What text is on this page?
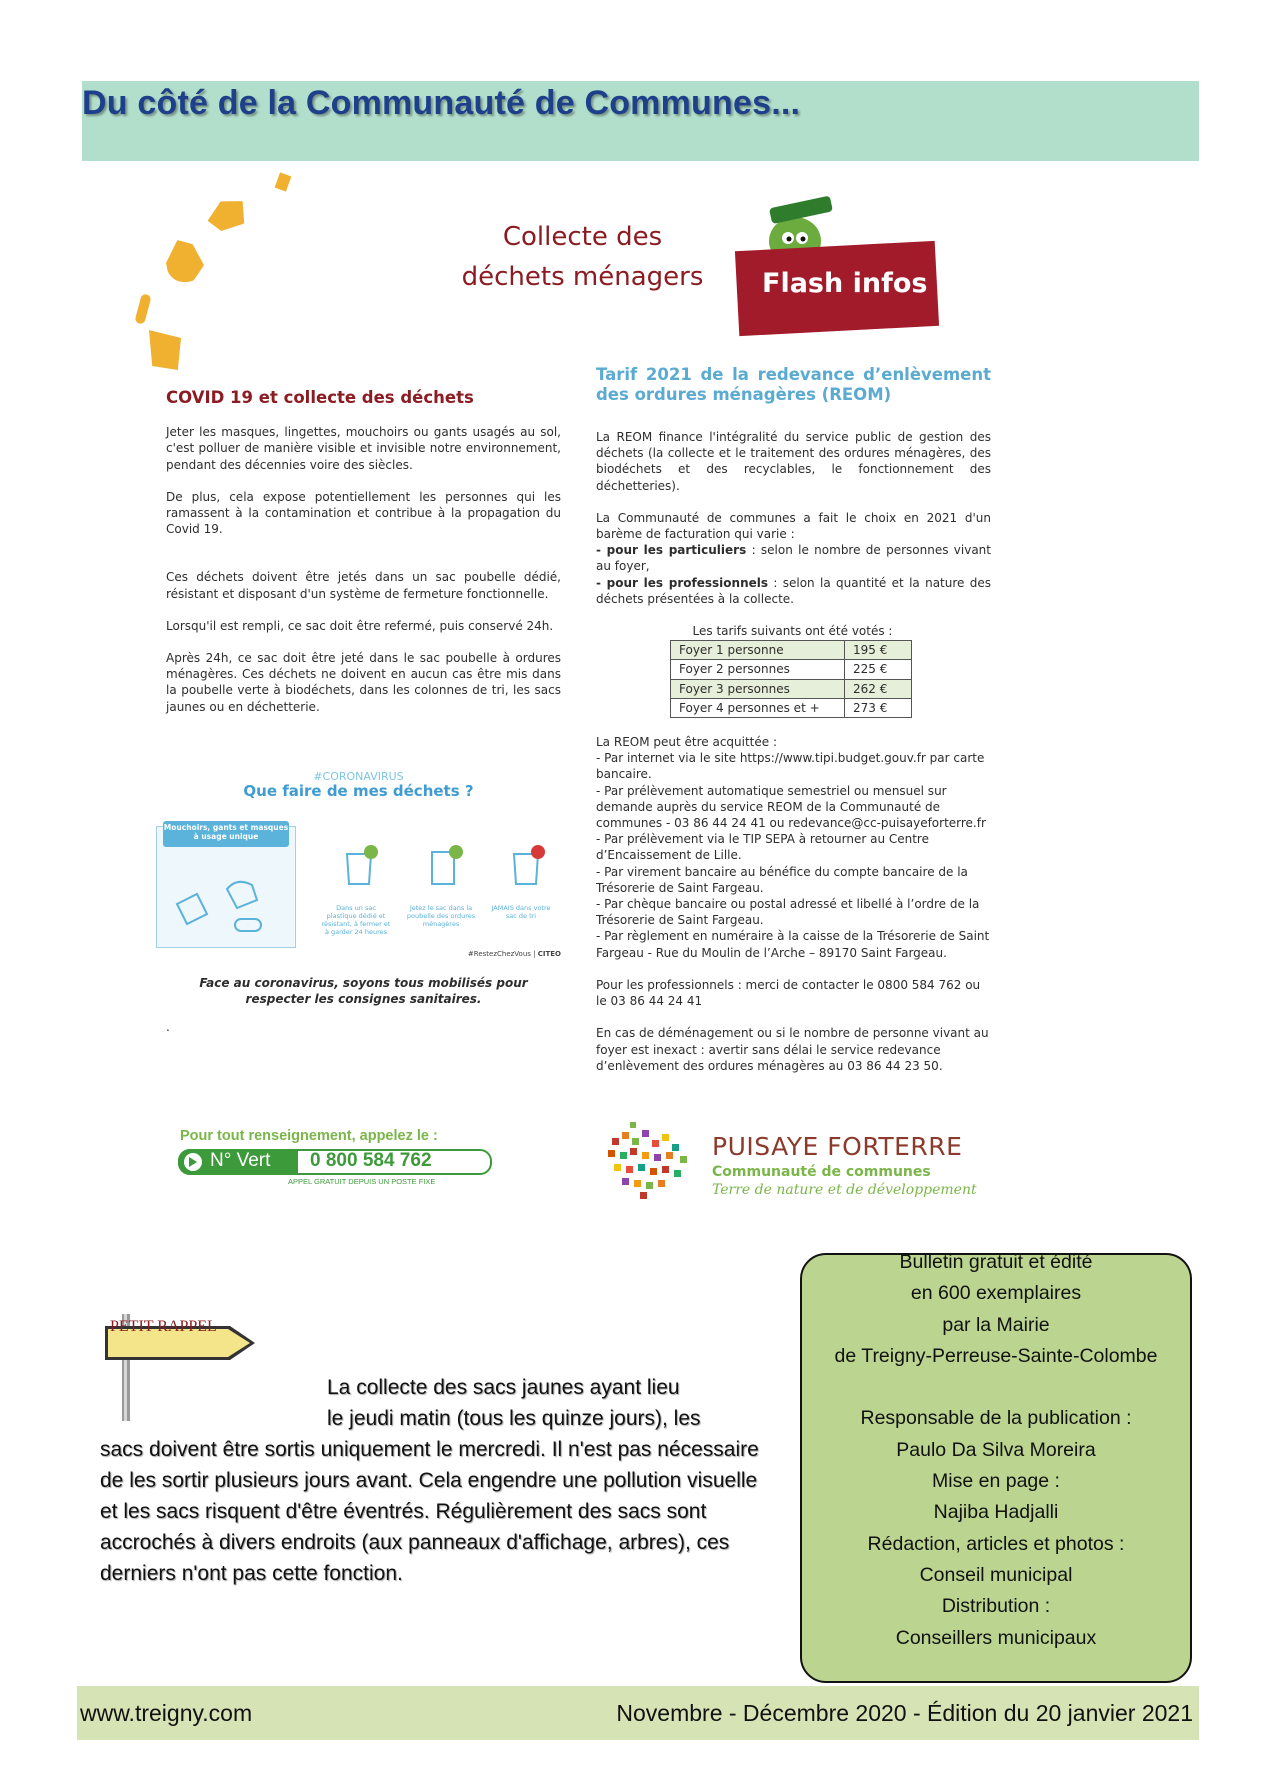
Du côté de la Communauté de Communes...
Collecte des
déchets ménagers	Flash infos
COVID 19 et collecte des déchets

Jeter les masques, lingettes, mouchoirs ou gants usagés au sol, c'est polluer de manière visible et invisible notre environnement, pendant des décennies voire des siècles.

De plus, cela expose potentiellement les personnes qui les ramassent à la contamination et contribue à la propagation du Covid 19.

Ces déchets doivent être jetés dans un sac poubelle dédié, résistant et disposant d'un système de fermeture fonctionnelle.

Lorsqu'il est rempli, ce sac doit être refermé, puis conservé 24h.

Après 24h, ce sac doit être jeté dans le sac poubelle à ordures ménagères. Ces déchets ne doivent en aucun cas être mis dans la poubelle verte à biodéchets, dans les colonnes de tri, les sacs jaunes ou en déchetterie.

#CORONAVIRUS
Que faire de mes déchets ?
Mouchoirs, gants et masques à usage unique
Dans un sac plastique dédié et résistant, à fermer et à garder 24 heures
Jetez le sac dans la poubelle des ordures ménagères
JAMAIS dans votre sac de tri
#RestezChezVous | CITEO
Face au coronavirus, soyons tous mobilisés pour respecter les consignes sanitaires.
.
Tarif 2021 de la redevance d’enlèvement des ordures ménagères (REOM)

La REOM finance l'intégralité du service public de gestion des déchets (la collecte et le traitement des ordures ménagères, des biodéchets et des recyclables, le fonctionnement des déchetteries).

La Communauté de communes a fait le choix en 2021 d'un barème de facturation qui varie :
- pour les particuliers : selon le nombre de personnes vivant au foyer,
- pour les professionnels : selon la quantité et la nature des déchets présentées à la collecte.

Les tarifs suivants ont été votés :
Foyer 1 personne	195 €
Foyer 2 personnes	225 €
Foyer 3 personnes	262 €
Foyer 4 personnes et +	273 €

La REOM peut être acquittée :
- Par internet via le site https://www.tipi.budget.gouv.fr par carte bancaire.
- Par prélèvement automatique semestriel ou mensuel sur demande auprès du service REOM de la Communauté de communes - 03 86 44 24 41 ou redevance@cc-puisayeforterre.fr
- Par prélèvement via le TIP SEPA à retourner au Centre d’Encaissement de Lille.
- Par virement bancaire au bénéfice du compte bancaire de la Trésorerie de Saint Fargeau.
- Par chèque bancaire ou postal adressé et libellé à l’ordre de la Trésorerie de Saint Fargeau.
- Par règlement en numéraire à la caisse de la Trésorerie de Saint Fargeau - Rue du Moulin de l’Arche – 89170 Saint Fargeau.

Pour les professionnels : merci de contacter le 0800 584 762 ou le 03 86 44 24 41

En cas de déménagement ou si le nombre de personne vivant au foyer est inexact : avertir sans délai le service redevance d’enlèvement des ordures ménagères au 03 86 44 23 50.

Pour tout renseignement, appelez le :
N° Vert 0 800 584 762
APPEL GRATUIT DEPUIS UN POSTE FIXE
PUISAYE FORTERRE
Communauté de communes
Terre de nature et de développement
PETIT RAPPEL
La collecte des sacs jaunes ayant lieu
le jeudi matin (tous les quinze jours), les
sacs doivent être sortis uniquement le mercredi. Il n'est pas nécessaire de les sortir plusieurs jours avant. Cela engendre une pollution visuelle et les sacs risquent d'être éventrés. Régulièrement des sacs sont accrochés à divers endroits (aux panneaux d'affichage, arbres), ces derniers n'ont pas cette fonction.
Bulletin gratuit et édité
en 600 exemplaires
par la Mairie
de Treigny-Perreuse-Sainte-Colombe
Responsable de la publication :
Paulo Da Silva Moreira
Mise en page :
Najiba Hadjalli
Rédaction, articles et photos :
Conseil municipal
Distribution :
Conseillers municipaux
www.treigny.com	Novembre - Décembre 2020 - Édition du 20 janvier 2021
